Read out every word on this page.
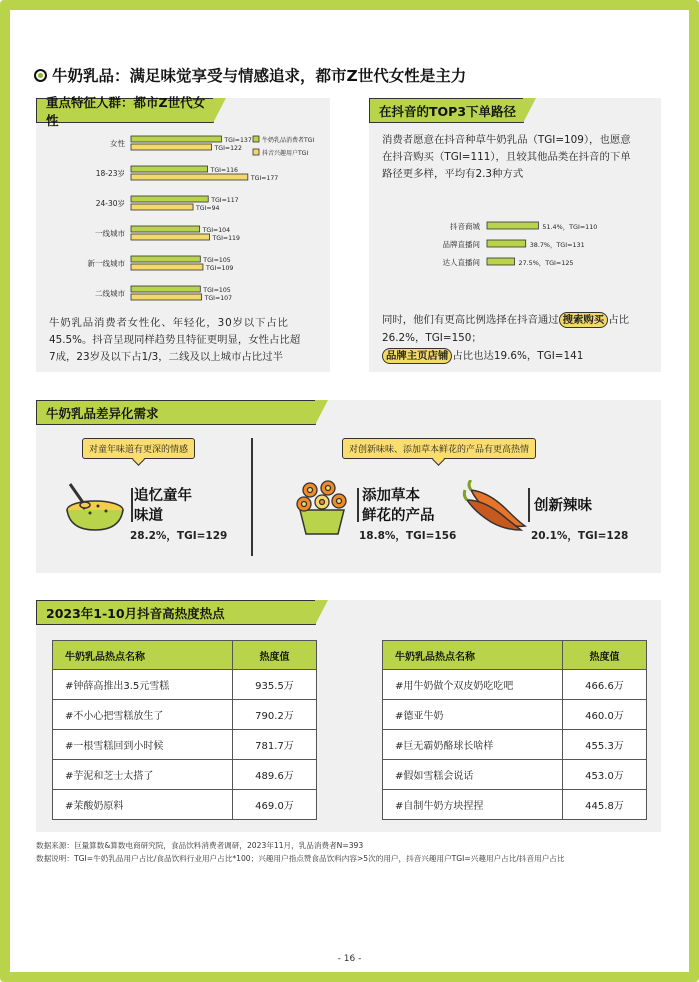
牛奶乳品：满足味觉享受与情感追求，都市Z世代女性是主力
重点特征人群：都市Z世代女性
女性	TGI=137
TGI=122
18-23岁	TGI=116
TGI=177
24-30岁	TGI=117
TGI=94
一线城市	TGI=104
TGI=119
新一线城市	TGI=105
TGI=109
二线城市	TGI=105
TGI=107
牛奶乳品消费者TGI
抖音兴趣用户TGI
牛奶乳品消费者女性化、年轻化，30岁以下占比
45.5%。抖音呈现同样趋势且特征更明显，女性占比超
7成，23岁及以下占1/3，二线及以上城市占比过半
在抖音的TOP3下单路径
消费者愿意在抖音种草牛奶乳品（TGI=109），也愿意
在抖音购买（TGI=111），且较其他品类在抖音的下单
路径更多样，平均有2.3种方式
抖音商城	51.4%，TGI=110
品牌直播间	38.7%，TGI=131
达人直播间	27.5%，TGI=125
同时，他们有更高比例选择在抖音通过 搜索购买 占比
26.2%，TGI=150；
品牌主页店铺 占比也达19.6%，TGI=141
牛奶乳品差异化需求
对童年味道有更深的情感	对创新味味、添加草本鲜花的产品有更高热情
追忆童年
味道
28.2%，TGI=129
添加草本
鲜花的产品
18.8%，TGI=156
创新辣味
20.1%，TGI=128
2023年1-10月抖音高热度热点
牛奶乳品热点名称	热度值
#钟薛高推出3.5元雪糕	935.5万
#不小心把雪糕放生了	790.2万
#一根雪糕回到小时候	781.7万
#芋泥和芝士太搭了	489.6万
#茉酸奶原料	469.0万
牛奶乳品热点名称	热度值
#用牛奶做个双皮奶吃吃吧	466.6万
#德亚牛奶	460.0万
#巨无霸奶酪球长啥样	455.3万
#假如雪糕会说话	453.0万
#自制牛奶方块捏捏	445.8万
数据来源：巨量算数&算数电商研究院，食品饮料消费者调研，2023年11月，乳品消费者N=393
数据说明：TGI=牛奶乳品用户占比/食品饮料行业用户占比*100；兴趣用户指点赞食品饮料内容>5次的用户，抖音兴趣用户TGI=兴趣用户占比/抖音用户占比
- 16 -
